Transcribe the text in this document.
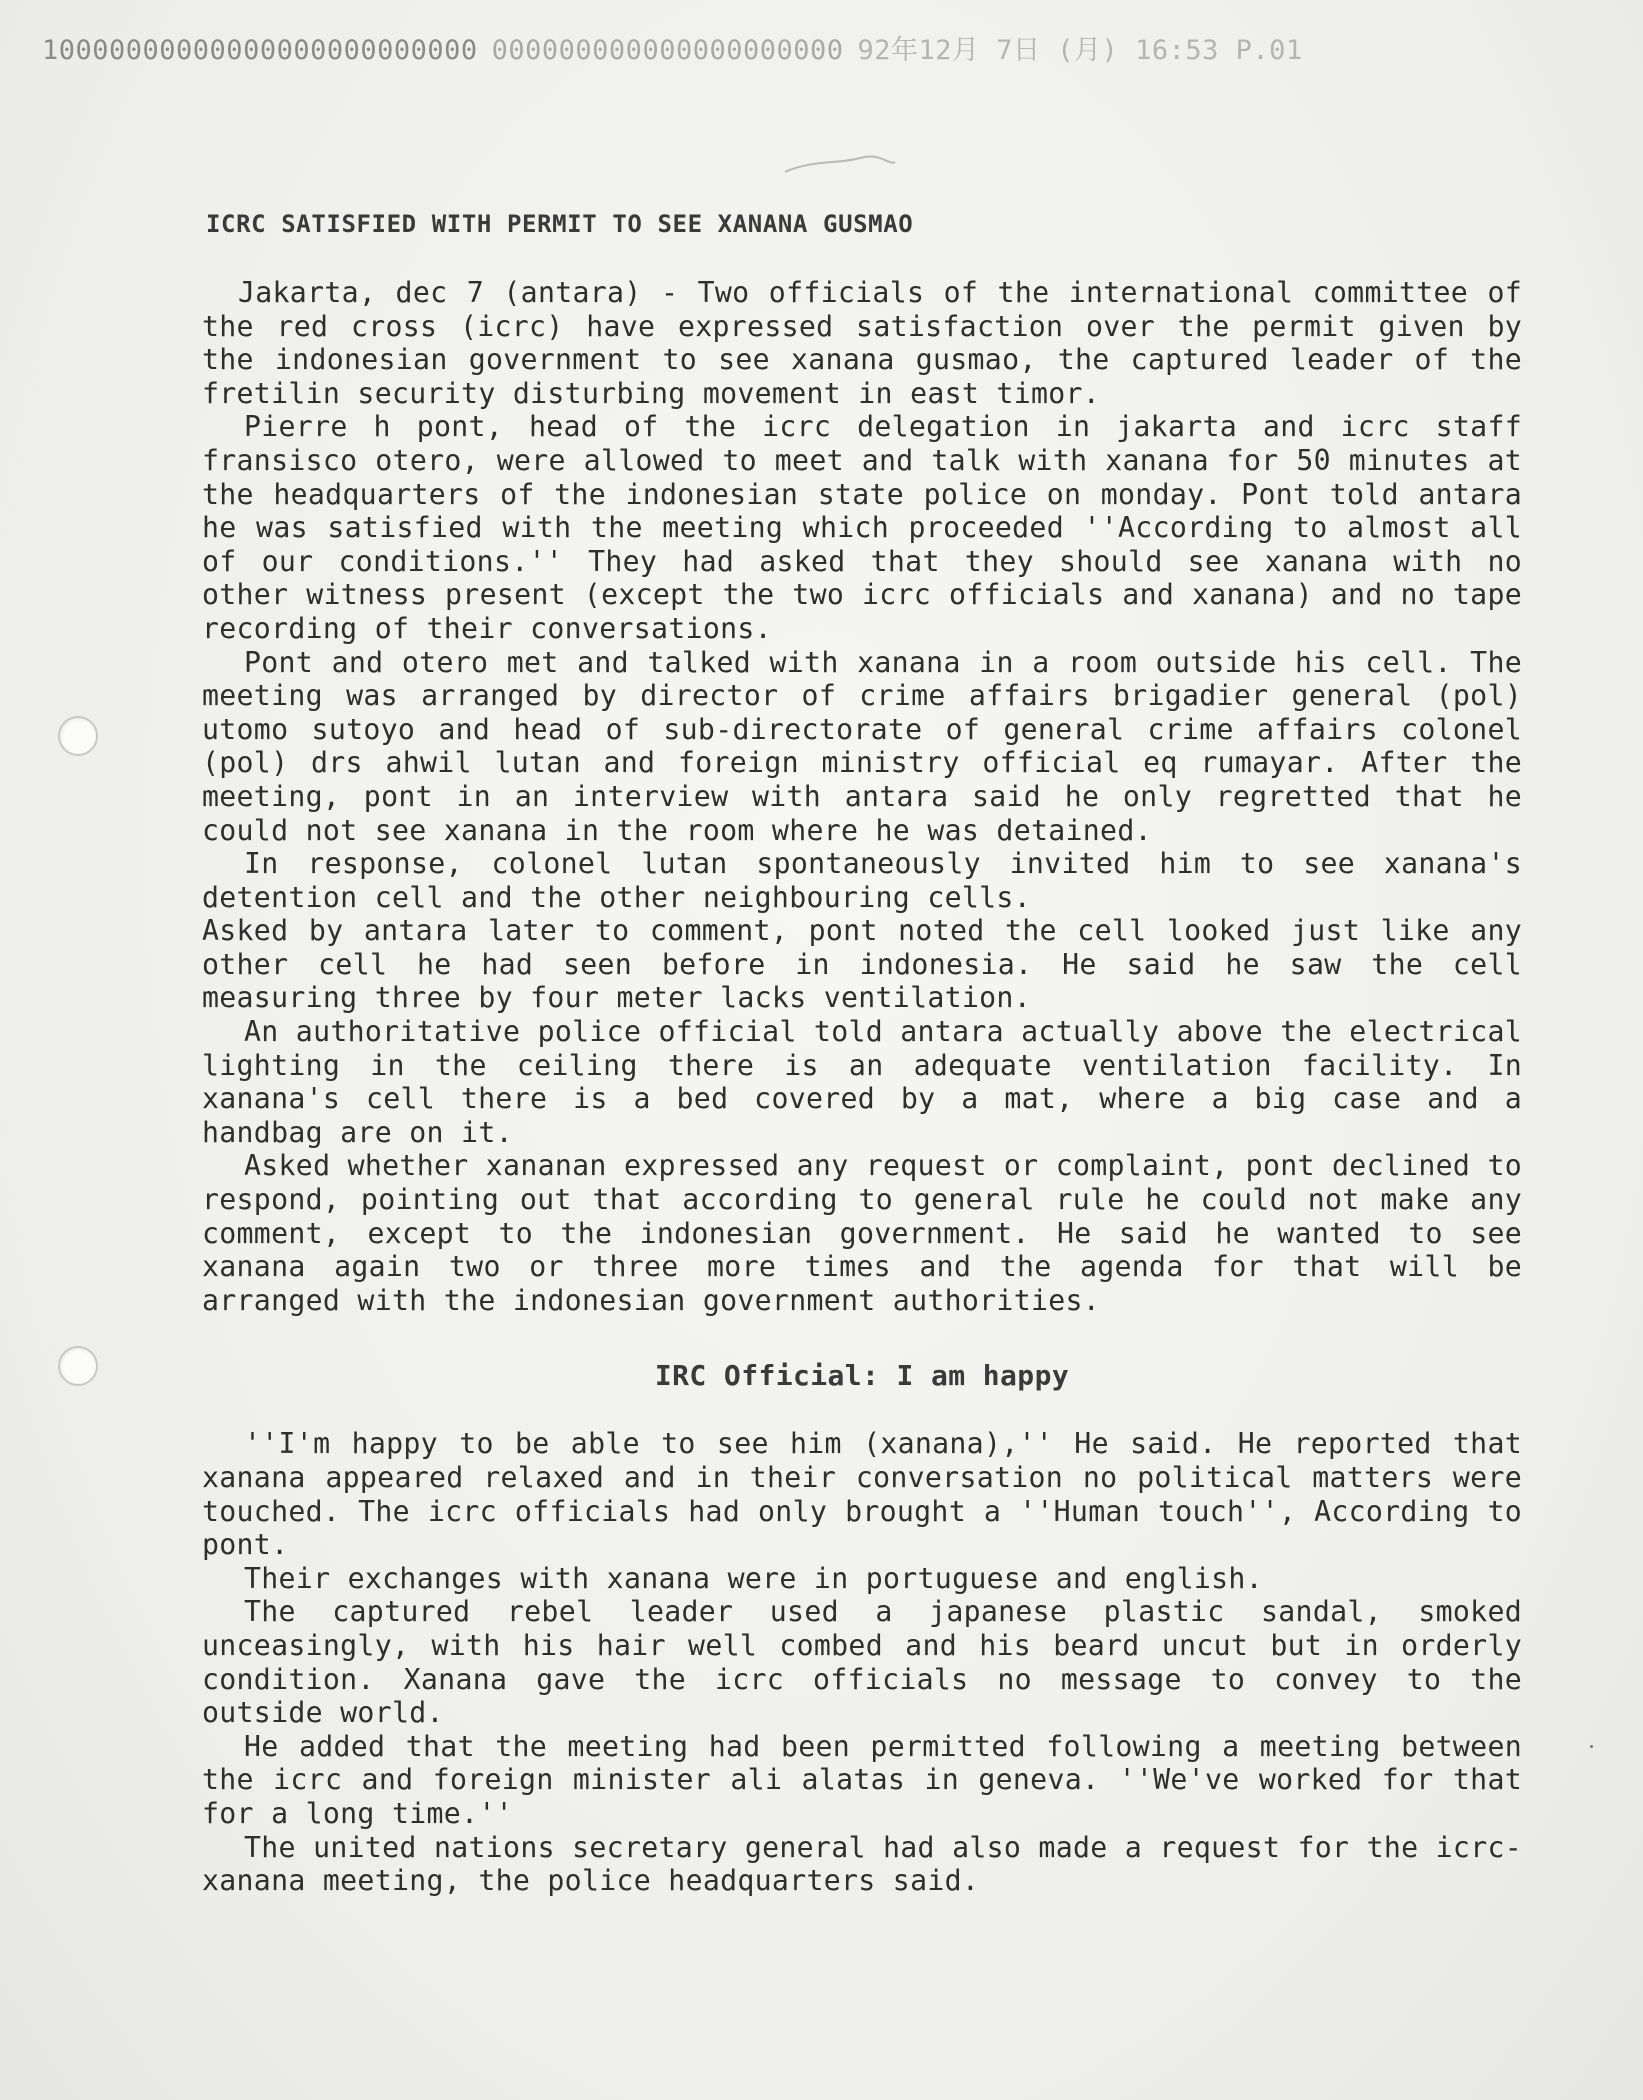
10000000000000000000000000 000000000000000000000 92年12月 7日 (月) 16:53 P.01
ICRC SATISFIED WITH PERMIT TO SEE XANANA GUSMAO

Jakarta, dec 7 (antara) - Two officials of the international committee of the red cross (icrc) have expressed satisfaction over the permit given by the indonesian government to see xanana gusmao, the captured leader of the fretilin security disturbing movement in east timor.

Pierre h pont, head of the icrc delegation in jakarta and icrc staff fransisco otero, were allowed to meet and talk with xanana for 50 minutes at the headquarters of the indonesian state police on monday. Pont told antara he was satisfied with the meeting which proceeded ''According to almost all of our conditions.'' They had asked that they should see xanana with no other witness present (except the two icrc officials and xanana) and no tape recording of their conversations.

Pont and otero met and talked with xanana in a room outside his cell. The meeting was arranged by director of crime affairs brigadier general (pol) utomo sutoyo and head of sub-directorate of general crime affairs colonel (pol) drs ahwil lutan and foreign ministry official eq rumayar. After the meeting, pont in an interview with antara said he only regretted that he could not see xanana in the room where he was detained.

In response, colonel lutan spontaneously invited him to see xanana's detention cell and the other neighbouring cells.

Asked by antara later to comment, pont noted the cell looked just like any other cell he had seen before in indonesia. He said he saw the cell measuring three by four meter lacks ventilation.

An authoritative police official told antara actually above the electrical lighting in the ceiling there is an adequate ventilation facility. In xanana's cell there is a bed covered by a mat, where a big case and a handbag are on it.

Asked whether xananan expressed any request or complaint, pont declined to respond, pointing out that according to general rule he could not make any comment, except to the indonesian government. He said he wanted to see xanana again two or three more times and the agenda for that will be arranged with the indonesian government authorities.

IRC Official: I am happy

''I'm happy to be able to see him (xanana),'' He said. He reported that xanana appeared relaxed and in their conversation no political matters were touched. The icrc officials had only brought a ''Human touch'', According to pont.

Their exchanges with xanana were in portuguese and english.

The captured rebel leader used a japanese plastic sandal, smoked unceasingly, with his hair well combed and his beard uncut but in orderly condition. Xanana gave the icrc officials no message to convey to the outside world.

He added that the meeting had been permitted following a meeting between the icrc and foreign minister ali alatas in geneva. ''We've worked for that for a long time.''

The united nations secretary general had also made a request for the icrc-xanana meeting, the police headquarters said.
